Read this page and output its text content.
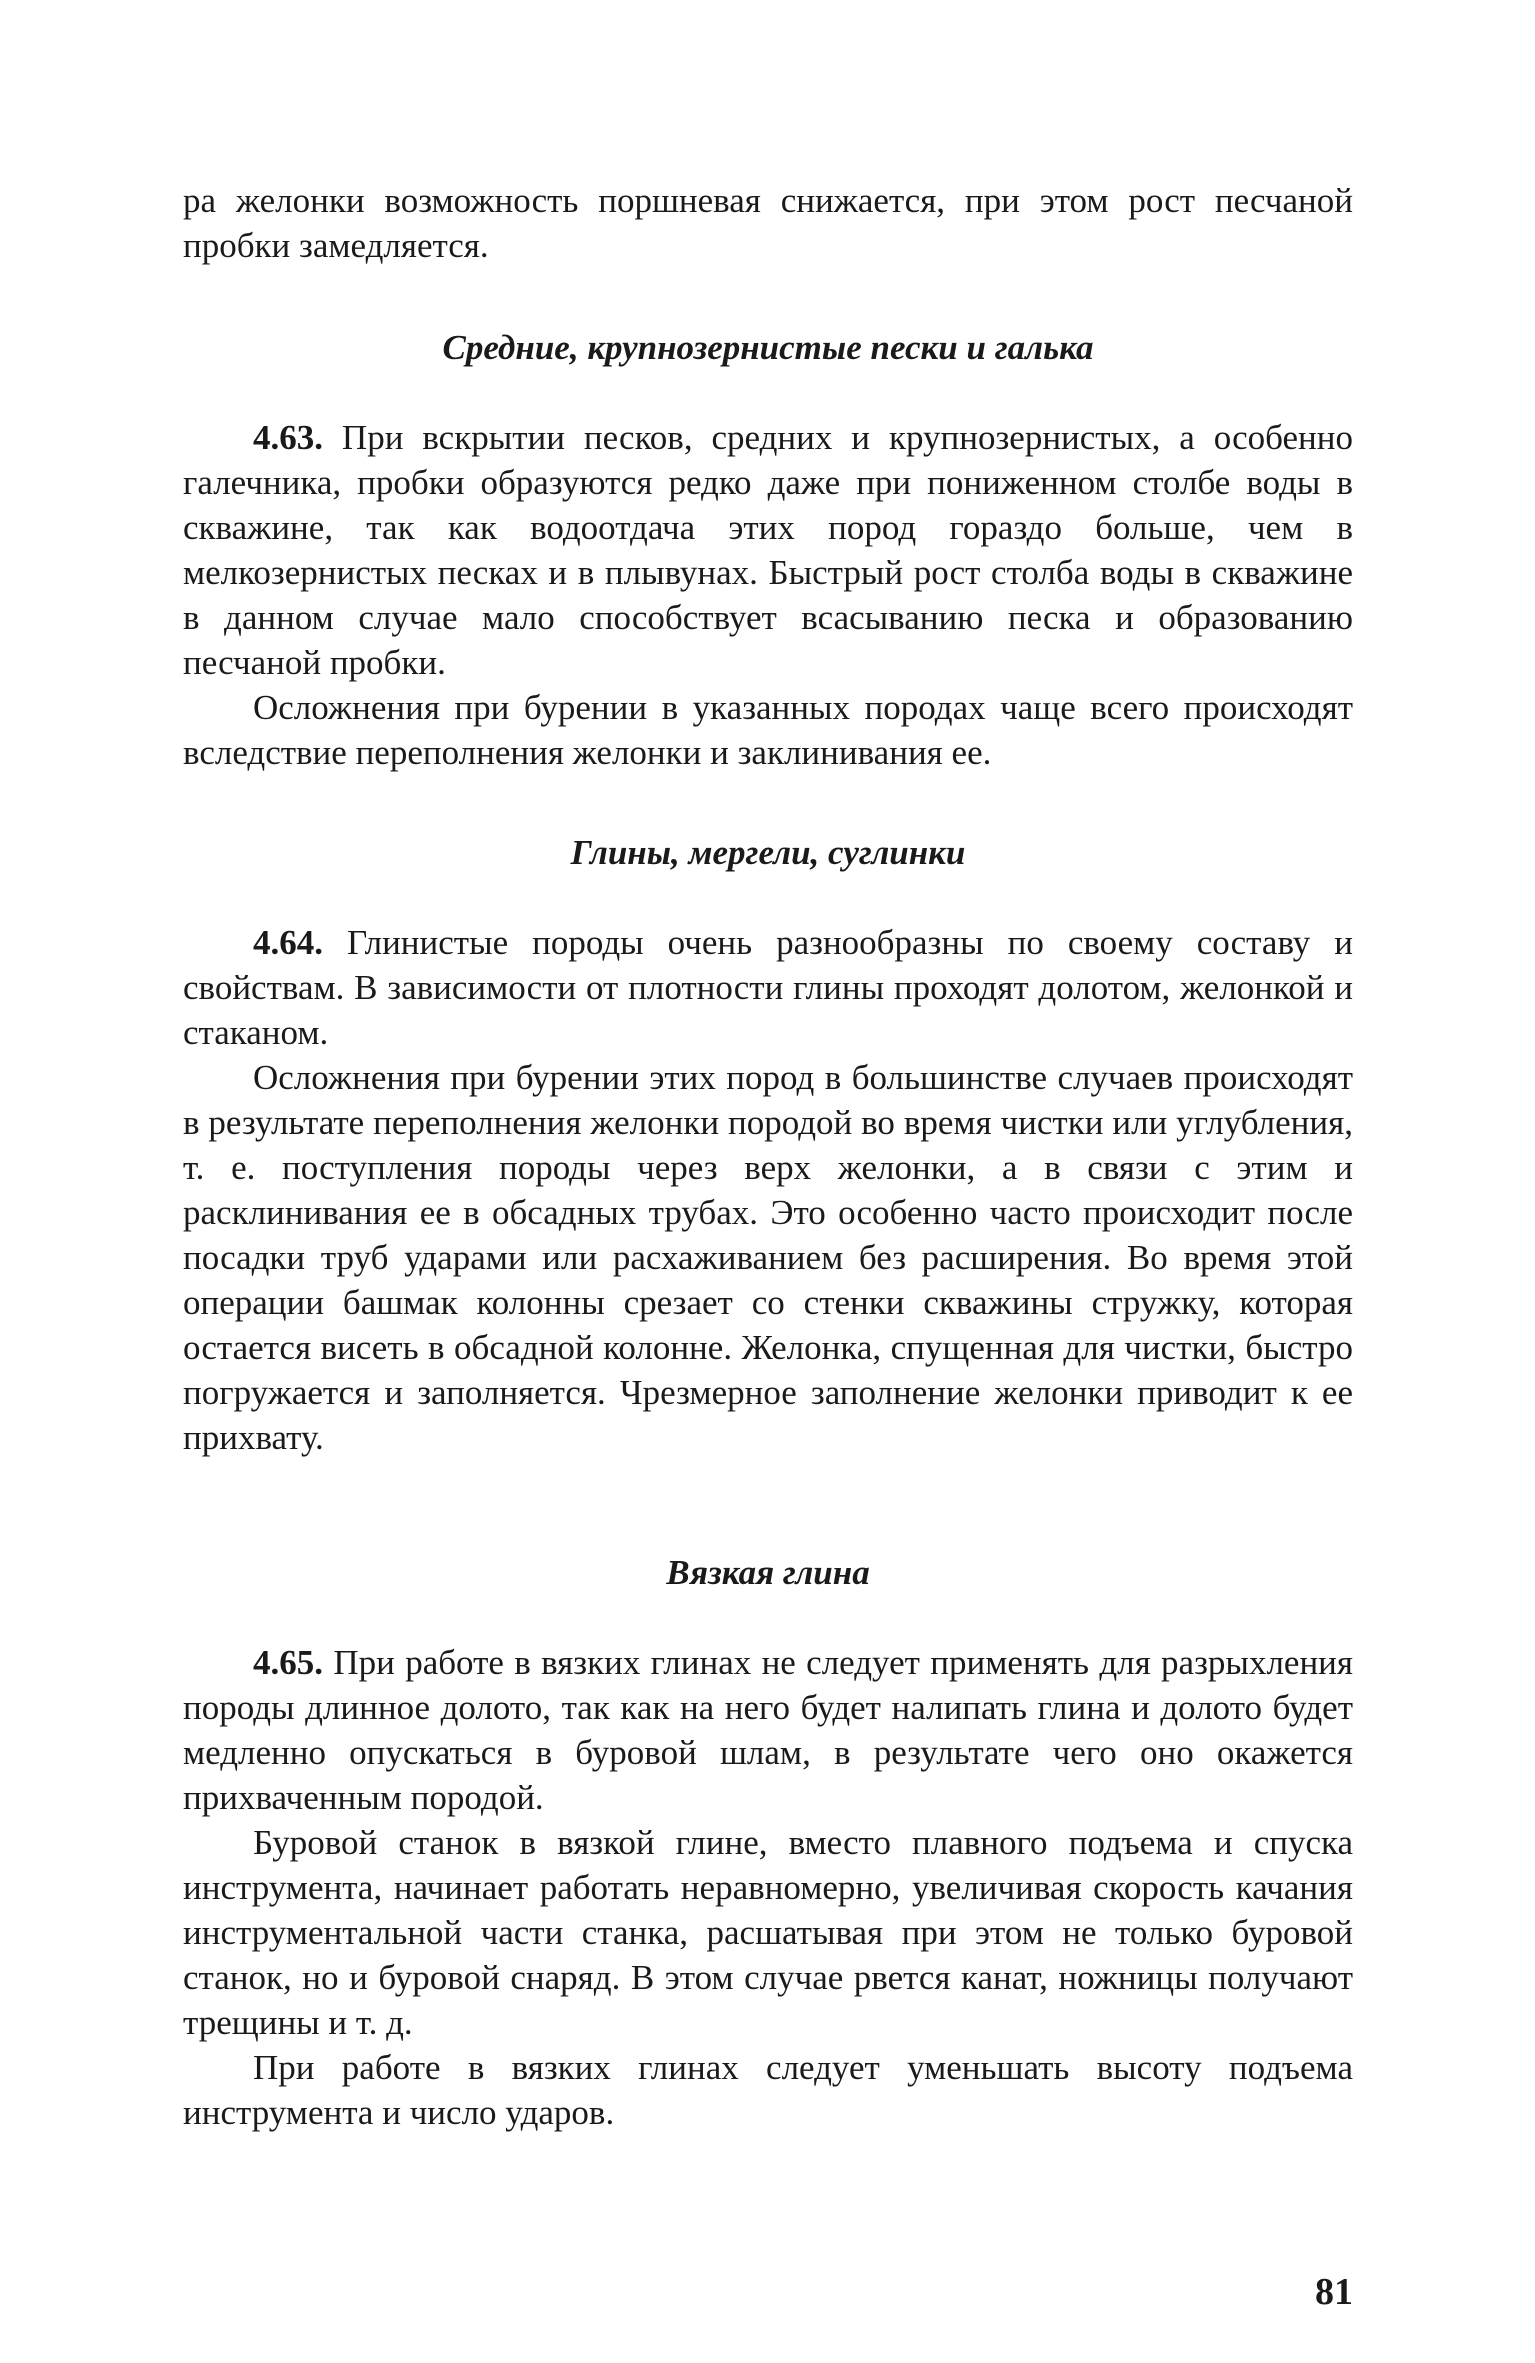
ра желонки возможность поршневая снижается, при этом рост песчаной пробки замедляется.

Средние, крупнозернистые пески и галька

4.63. При вскрытии песков, средних и крупнозернистых, а особенно галечника, пробки образуются редко даже при пониженном столбе воды в скважине, так как водоотдача этих пород гораздо больше, чем в мелкозернистых песках и в плывунах. Быстрый рост столба воды в скважине в данном случае мало способствует всасыванию песка и образованию песчаной пробки.

Осложнения при бурении в указанных породах чаще всего происходят вследствие переполнения желонки и заклинивания ее.

Глины, мергели, суглинки

4.64. Глинистые породы очень разнообразны по своему составу и свойствам. В зависимости от плотности глины проходят долотом, желонкой и стаканом.

Осложнения при бурении этих пород в большинстве случаев происходят в результате переполнения желонки породой во время чистки или углубления, т. е. поступления породы через верх желонки, а в связи с этим и расклинивания ее в обсадных трубах. Это особенно часто происходит после посадки труб ударами или расхаживанием без расширения. Во время этой операции башмак колонны срезает со стенки скважины стружку, которая остается висеть в обсадной колонне. Желонка, спущенная для чистки, быстро погружается и заполняется. Чрезмерное заполнение желонки приводит к ее прихвату.

Вязкая глина

4.65. При работе в вязких глинах не следует применять для разрыхления породы длинное долото, так как на него будет налипать глина и долото будет медленно опускаться в буровой шлам, в результате чего оно окажется прихваченным породой.

Буровой станок в вязкой глине, вместо плавного подъема и спуска инструмента, начинает работать неравномерно, увеличивая скорость качания инструментальной части станка, расшатывая при этом не только буровой станок, но и буровой снаряд. В этом случае рвется канат, ножницы получают трещины и т. д.

При работе в вязких глинах следует уменьшать высоту подъема инструмента и число ударов.

81
